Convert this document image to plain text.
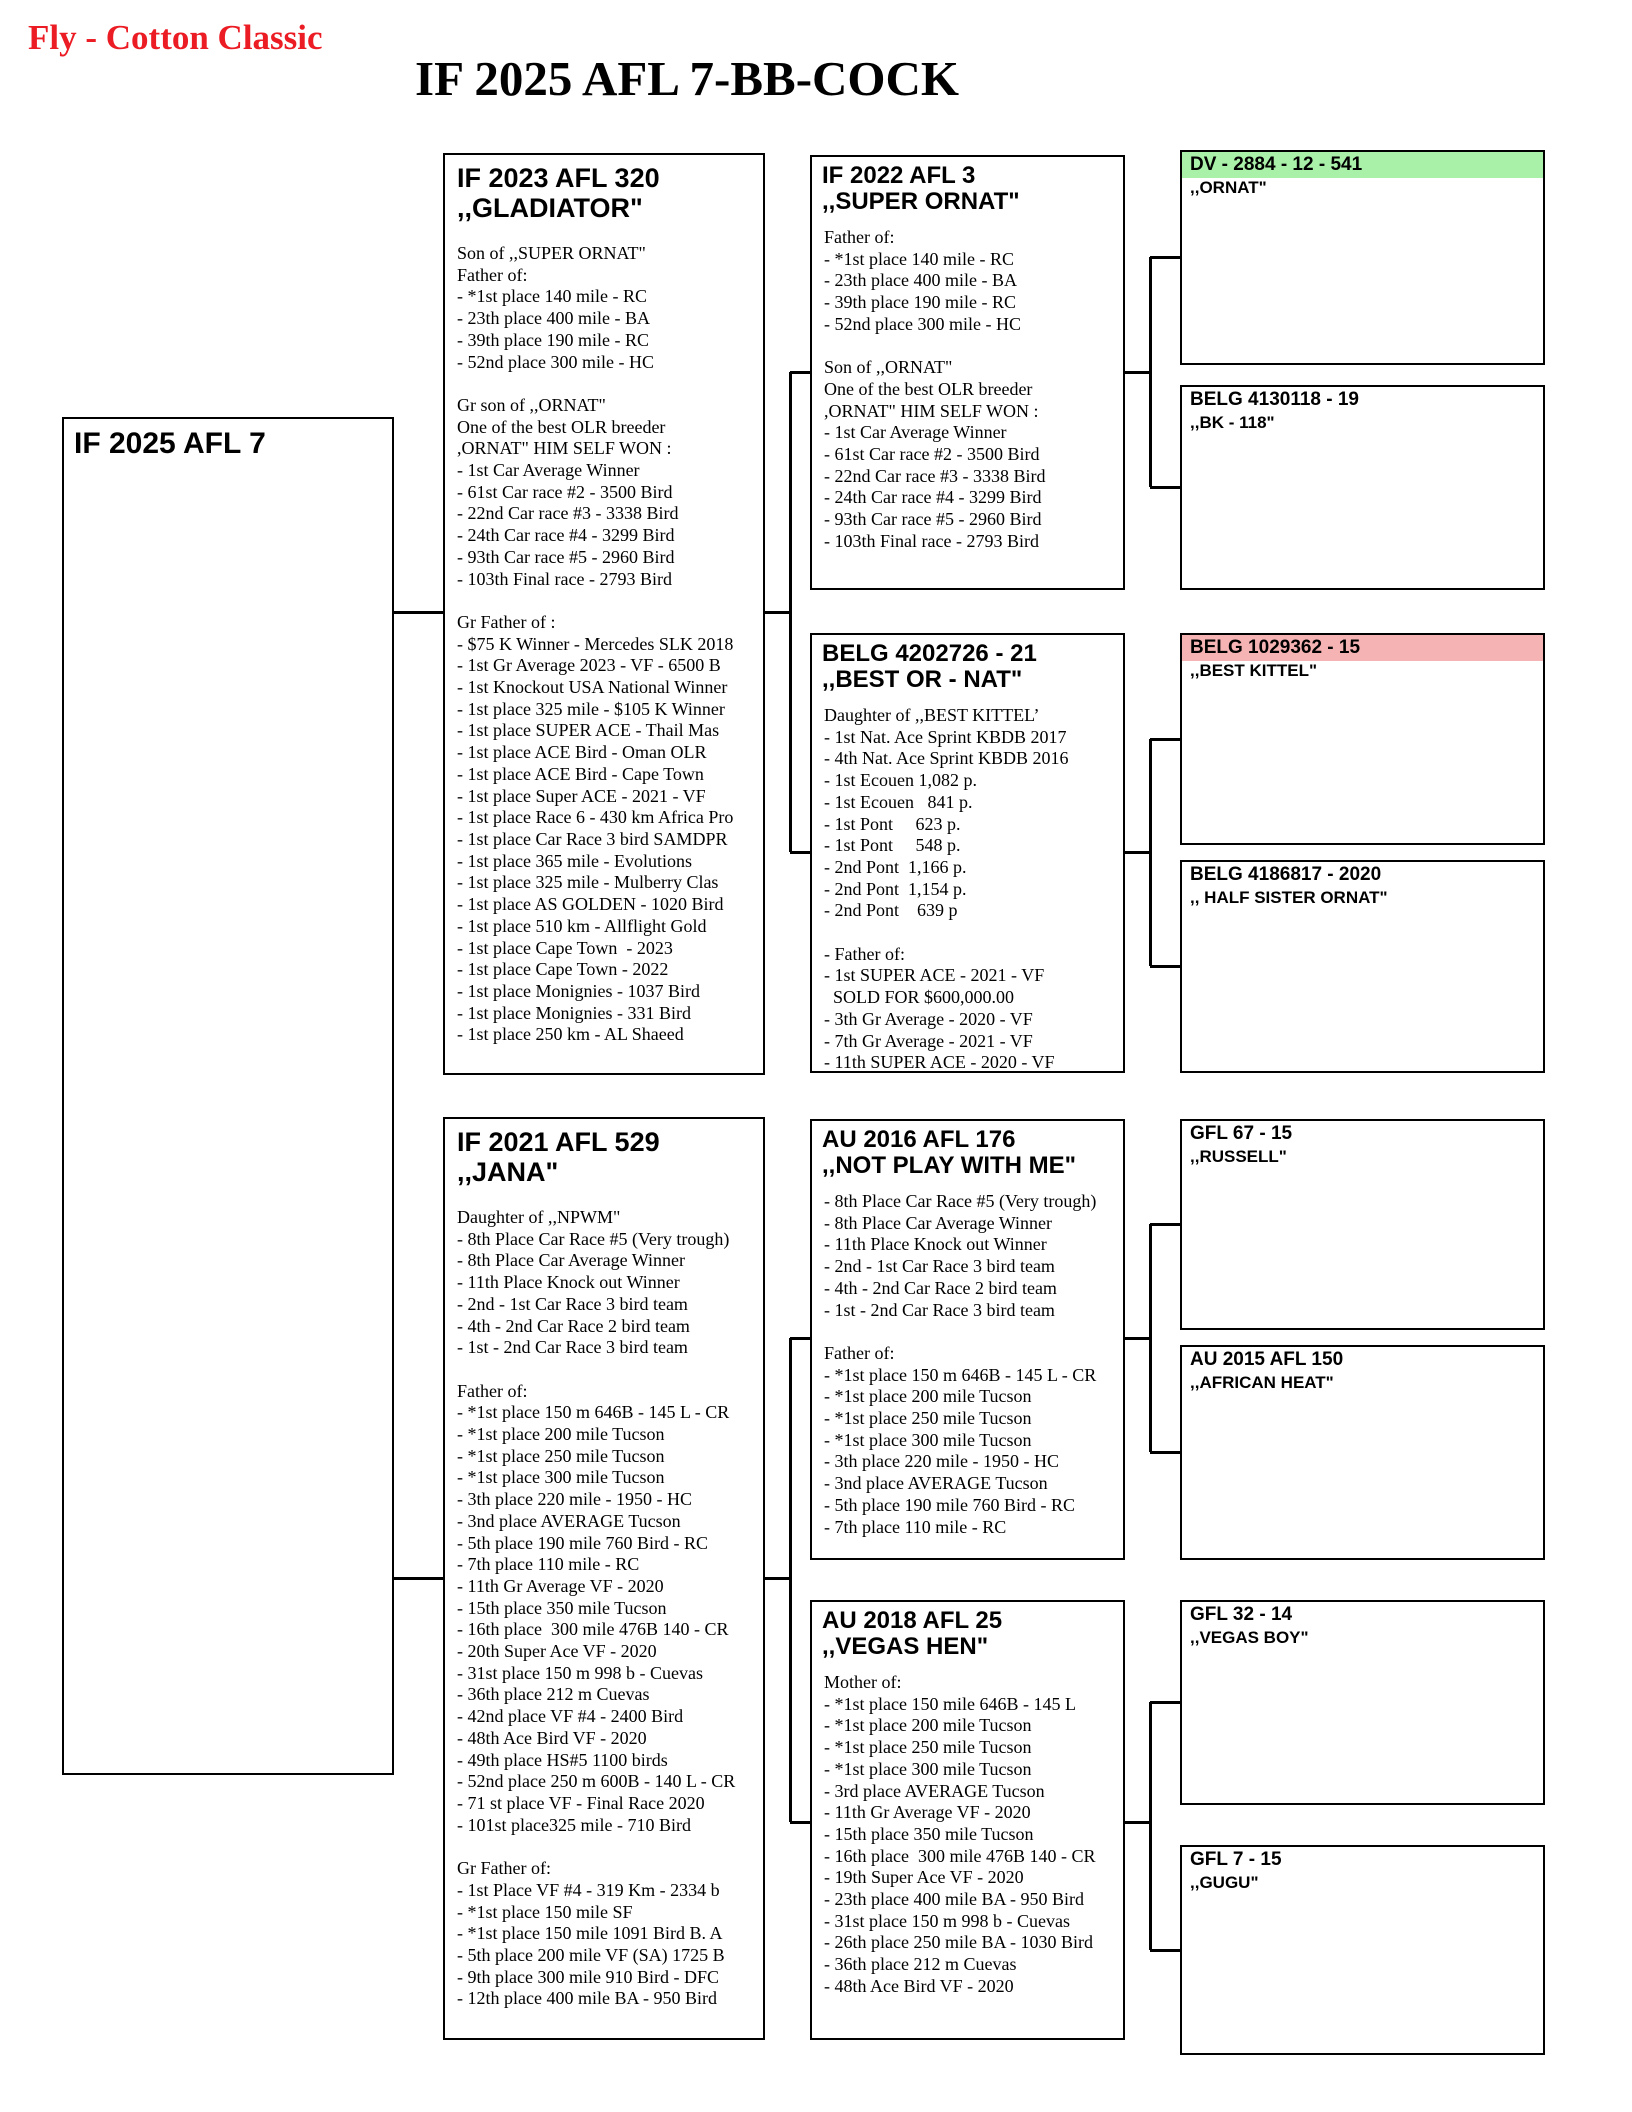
Fly - Cotton Classic
IF 2025 AFL 7-BB-COCK
IF 2025 AFL 7
IF 2023 AFL 320
,,GLADIATOR"
Son of ,,SUPER ORNAT"
Father of:
- *1st place 140 mile - RC
- 23th place 400 mile - BA
- 39th place 190 mile - RC
- 52nd place 300 mile - HC

Gr son of ,,ORNAT"
One of the best OLR breeder
,ORNAT" HIM SELF WON :
- 1st Car Average Winner
- 61st Car race #2 - 3500 Bird
- 22nd Car race #3 - 3338 Bird
- 24th Car race #4 - 3299 Bird
- 93th Car race #5 - 2960 Bird
- 103th Final race - 2793 Bird

Gr Father of :
- $75 K Winner - Mercedes SLK 2018
- 1st Gr Average 2023 - VF - 6500 B
- 1st Knockout USA National Winner
- 1st place 325 mile - $105 K Winner
- 1st place SUPER ACE - Thail Mas
- 1st place ACE Bird - Oman OLR
- 1st place ACE Bird - Cape Town
- 1st place Super ACE - 2021 - VF
- 1st place Race 6 - 430 km Africa Pro
- 1st place Car Race 3 bird SAMDPR
- 1st place 365 mile - Evolutions
- 1st place 325 mile - Mulberry Clas
- 1st place AS GOLDEN - 1020 Bird
- 1st place 510 km - Allflight Gold
- 1st place Cape Town  - 2023
- 1st place Cape Town - 2022
- 1st place Monignies - 1037 Bird
- 1st place Monignies - 331 Bird
- 1st place 250 km - AL Shaeed
IF 2021 AFL 529
,,JANA"
Daughter of ,,NPWM"
- 8th Place Car Race #5 (Very trough)
- 8th Place Car Average Winner
- 11th Place Knock out Winner
- 2nd - 1st Car Race 3 bird team
- 4th - 2nd Car Race 2 bird team
- 1st - 2nd Car Race 3 bird team

Father of:
- *1st place 150 m 646B - 145 L - CR
- *1st place 200 mile Tucson
- *1st place 250 mile Tucson
- *1st place 300 mile Tucson
- 3th place 220 mile - 1950 - HC
- 3nd place AVERAGE Tucson
- 5th place 190 mile 760 Bird - RC
- 7th place 110 mile - RC
- 11th Gr Average VF - 2020
- 15th place 350 mile Tucson
- 16th place  300 mile 476B 140 - CR
- 20th Super Ace VF - 2020
- 31st place 150 m 998 b - Cuevas
- 36th place 212 m Cuevas
- 42nd place VF #4 - 2400 Bird
- 48th Ace Bird VF - 2020
- 49th place HS#5 1100 birds
- 52nd place 250 m 600B - 140 L - CR
- 71 st place VF - Final Race 2020
- 101st place325 mile - 710 Bird

Gr Father of:
- 1st Place VF #4 - 319 Km - 2334 b
- *1st place 150 mile SF
- *1st place 150 mile 1091 Bird B. A
- 5th place 200 mile VF (SA) 1725 B
- 9th place 300 mile 910 Bird - DFC
- 12th place 400 mile BA - 950 Bird
IF 2022 AFL 3
,,SUPER ORNAT"
Father of:
- *1st place 140 mile - RC
- 23th place 400 mile - BA
- 39th place 190 mile - RC
- 52nd place 300 mile - HC

Son of ,,ORNAT"
One of the best OLR breeder
,ORNAT" HIM SELF WON :
- 1st Car Average Winner
- 61st Car race #2 - 3500 Bird
- 22nd Car race #3 - 3338 Bird
- 24th Car race #4 - 3299 Bird
- 93th Car race #5 - 2960 Bird
- 103th Final race - 2793 Bird
BELG 4202726 - 21
,,BEST OR - NAT"
Daughter of ,,BEST KITTEL’
- 1st Nat. Ace Sprint KBDB 2017
- 4th Nat. Ace Sprint KBDB 2016
- 1st Ecouen 1,082 p.
- 1st Ecouen   841 p.
- 1st Pont     623 p.
- 1st Pont     548 p.
- 2nd Pont  1,166 p.
- 2nd Pont  1,154 p.
- 2nd Pont    639 p

- Father of:
- 1st SUPER ACE - 2021 - VF
SOLD FOR $600,000.00
- 3th Gr Average - 2020 - VF
- 7th Gr Average - 2021 - VF
- 11th SUPER ACE - 2020 - VF
AU 2016 AFL 176
,,NOT PLAY WITH ME"
- 8th Place Car Race #5 (Very trough)
- 8th Place Car Average Winner
- 11th Place Knock out Winner
- 2nd - 1st Car Race 3 bird team
- 4th - 2nd Car Race 2 bird team
- 1st - 2nd Car Race 3 bird team

Father of:
- *1st place 150 m 646B - 145 L - CR
- *1st place 200 mile Tucson
- *1st place 250 mile Tucson
- *1st place 300 mile Tucson
- 3th place 220 mile - 1950 - HC
- 3nd place AVERAGE Tucson
- 5th place 190 mile 760 Bird - RC
- 7th place 110 mile - RC
AU 2018 AFL 25
,,VEGAS HEN"
Mother of:
- *1st place 150 mile 646B - 145 L
- *1st place 200 mile Tucson
- *1st place 250 mile Tucson
- *1st place 300 mile Tucson
- 3rd place AVERAGE Tucson
- 11th Gr Average VF - 2020
- 15th place 350 mile Tucson
- 16th place  300 mile 476B 140 - CR
- 19th Super Ace VF - 2020
- 23th place 400 mile BA - 950 Bird
- 31st place 150 m 998 b - Cuevas
- 26th place 250 mile BA - 1030 Bird
- 36th place 212 m Cuevas
- 48th Ace Bird VF - 2020
DV - 2884 - 12 - 541
,,ORNAT"
BELG 4130118 - 19
,,BK - 118"
BELG 1029362 - 15
,,BEST KITTEL"
BELG 4186817 - 2020
,, HALF SISTER ORNAT"
GFL 67 - 15
,,RUSSELL"
AU 2015 AFL 150
,,AFRICAN HEAT"
GFL 32 - 14
,,VEGAS BOY"
GFL 7 - 15
,,GUGU"
